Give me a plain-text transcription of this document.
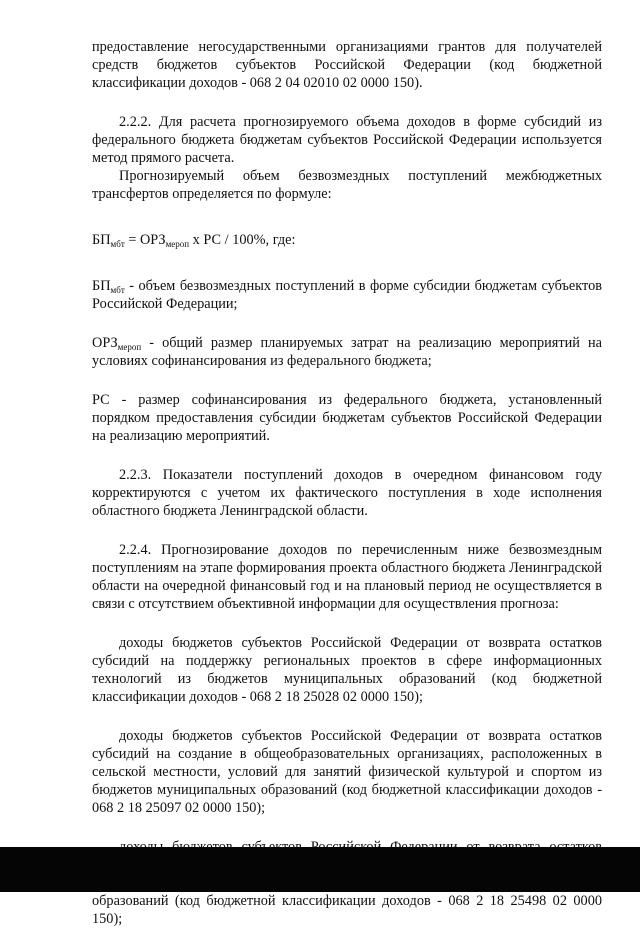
предоставление негосударственными организациями грантов для получателей средств бюджетов субъектов Российской Федерации (код бюджетной классификации доходов - 068 2 04 02010 02 0000 150).

2.2.2. Для расчета прогнозируемого объема доходов в форме субсидий из федерального бюджета бюджетам субъектов Российской Федерации используется метод прямого расчета.

Прогнозируемый объем безвозмездных поступлений межбюджетных трансфертов определяется по формуле:

$БП_{мбт} = ОРЗ_{мероп}$ х РС / 100%, где:

$БП_{мбт}$ - объем безвозмездных поступлений в форме субсидии бюджетам субъектов Российской Федерации;

$ОРЗ_{мероп}$ - общий размер планируемых затрат на реализацию мероприятий на условиях софинансирования из федерального бюджета;

РС - размер софинансирования из федерального бюджета, установленный порядком предоставления субсидии бюджетам субъектов Российской Федерации на реализацию мероприятий.

2.2.3. Показатели поступлений доходов в очередном финансовом году корректируются с учетом их фактического поступления в ходе исполнения областного бюджета Ленинградской области.

2.2.4. Прогнозирование доходов по перечисленным ниже безвозмездным поступлениям на этапе формирования проекта областного бюджета Ленинградской области на очередной финансовый год и на плановый период не осуществляется в связи с отсутствием объективной информации для осуществления прогноза:

доходы бюджетов субъектов Российской Федерации от возврата остатков субсидий на поддержку региональных проектов в сфере информационных технологий из бюджетов муниципальных образований (код бюджетной классификации доходов - 068 2 18 25028 02 0000 150);

доходы бюджетов субъектов Российской Федерации от возврата остатков субсидий на создание в общеобразовательных организациях, расположенных в сельской местности, условий для занятий физической культурой и спортом из бюджетов муниципальных образований (код бюджетной классификации доходов - 068 2 18 25097 02 0000 150);

образований (код бюджетной классификации доходов - 068 2 18 25498 02 0000 150);
